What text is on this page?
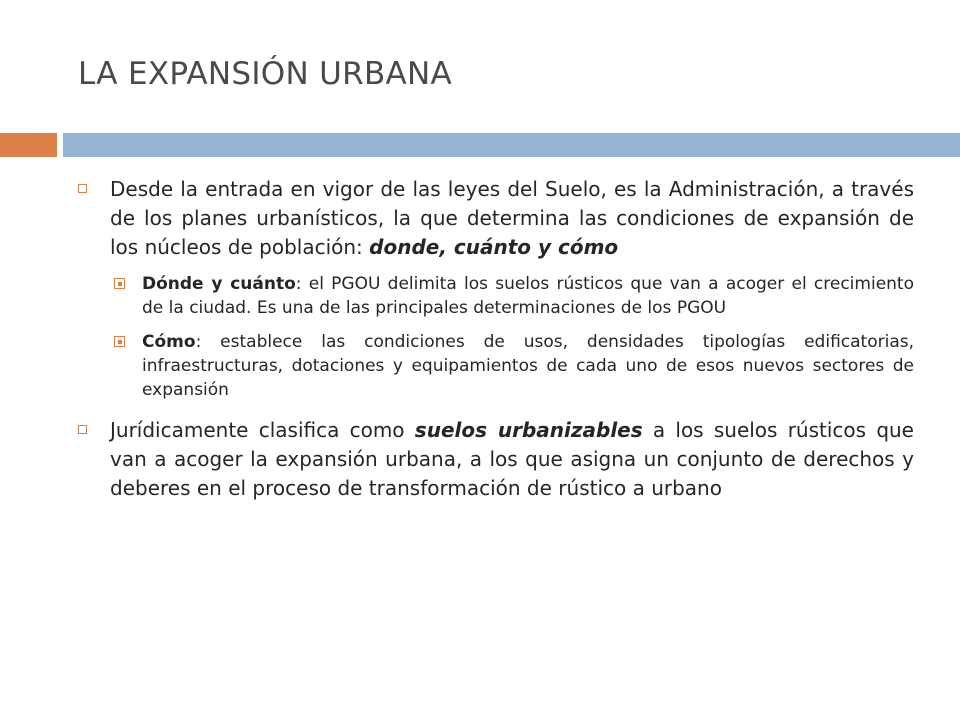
LA EXPANSIÓN URBANA
Desde la entrada en vigor de las leyes del Suelo, es la Administración, a través de los planes urbanísticos, la que determina las condiciones de expansión de los núcleos de población: donde, cuánto y cómo
Dónde y cuánto: el PGOU delimita los suelos rústicos que van a acoger el crecimiento de la ciudad. Es una de las principales determinaciones de los PGOU
Cómo: establece las condiciones de usos, densidades tipologías edificatorias, infraestructuras, dotaciones y equipamientos de cada uno de esos nuevos sectores de expansión
Jurídicamente clasifica como suelos urbanizables a los suelos rústicos que van a acoger la expansión urbana, a los que asigna un conjunto de derechos y deberes en el proceso de transformación de rústico a urbano
